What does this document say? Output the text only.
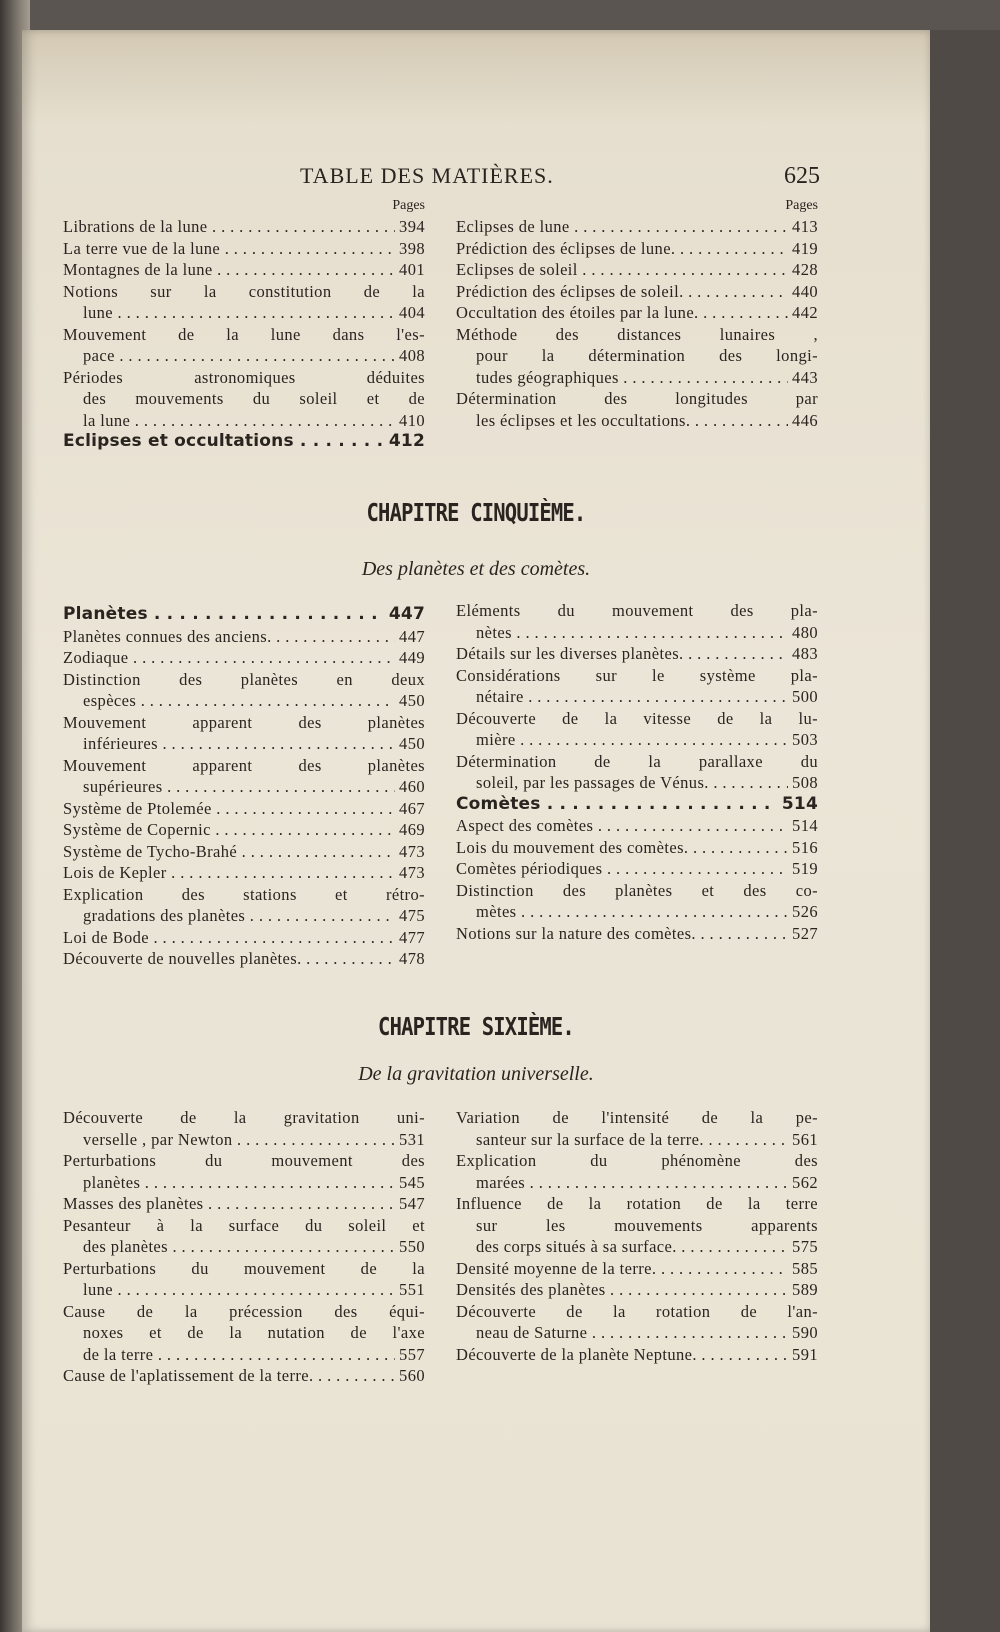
TABLE DES MATIÈRES.	625
Pages
Librations de la lune . . .	394
La terre vue de la lune . . .	398
Montagnes de la lune . . .	401
Notions sur la constitution de la
lune . . .	404
Mouvement de la lune dans l'es-
pace . . .	408
Périodes astronomiques déduites
des mouvements du soleil et de
la lune . . .	410
Eclipses et occultations . . .	412
Pages
Eclipses de lune . . .	413
Prédiction des éclipses de lune. . . .	419
Eclipses de soleil . . .	428
Prédiction des éclipses de soleil. . . .	440
Occultation des étoiles par la lune. . . .	442
Méthode des distances lunaires ,
pour la détermination des longi-
tudes géographiques . . .	443
Détermination des longitudes par
les éclipses et les occultations. . . .	446
CHAPITRE CINQUIÈME.
Des planètes et des comètes.
Planètes . . .	447
Planètes connues des anciens. . . .	447
Zodiaque . . .	449
Distinction des planètes en deux
espèces . . .	450
Mouvement apparent des planètes
inférieures . . .	450
Mouvement apparent des planètes
supérieures . . .	460
Système de Ptolemée . . .	467
Système de Copernic . . .	469
Système de Tycho-Brahé . . .	473
Lois de Kepler . . .	473
Explication des stations et rétro-
gradations des planètes . . .	475
Loi de Bode . . .	477
Découverte de nouvelles planètes. . . .	478
Eléments du mouvement des pla-
nètes . . .	480
Détails sur les diverses planètes. . . .	483
Considérations sur le système pla-
nétaire . . .	500
Découverte de la vitesse de la lu-
mière . . .	503
Détermination de la parallaxe du
soleil, par les passages de Vénus. . . .	508
Comètes . . .	514
Aspect des comètes . . .	514
Lois du mouvement des comètes. . . .	516
Comètes périodiques . . .	519
Distinction des planètes et des co-
mètes . . .	526
Notions sur la nature des comètes. . . .	527
CHAPITRE SIXIÈME.
De la gravitation universelle.
Découverte de la gravitation uni-
verselle , par Newton . . .	531
Perturbations du mouvement des
planètes . . .	545
Masses des planètes . . .	547
Pesanteur à la surface du soleil et
des planètes . . .	550
Perturbations du mouvement de la
lune . . .	551
Cause de la précession des équi-
noxes et de la nutation de l'axe
de la terre . . .	557
Cause de l'aplatissement de la terre. . . .	560
Variation de l'intensité de la pe-
santeur sur la surface de la terre. . . .	561
Explication du phénomène des
marées . . .	562
Influence de la rotation de la terre
sur les mouvements apparents
des corps situés à sa surface. . . .	575
Densité moyenne de la terre. . . .	585
Densités des planètes . . .	589
Découverte de la rotation de l'an-
neau de Saturne . . .	590
Découverte de la planète Neptune. . . .	591
